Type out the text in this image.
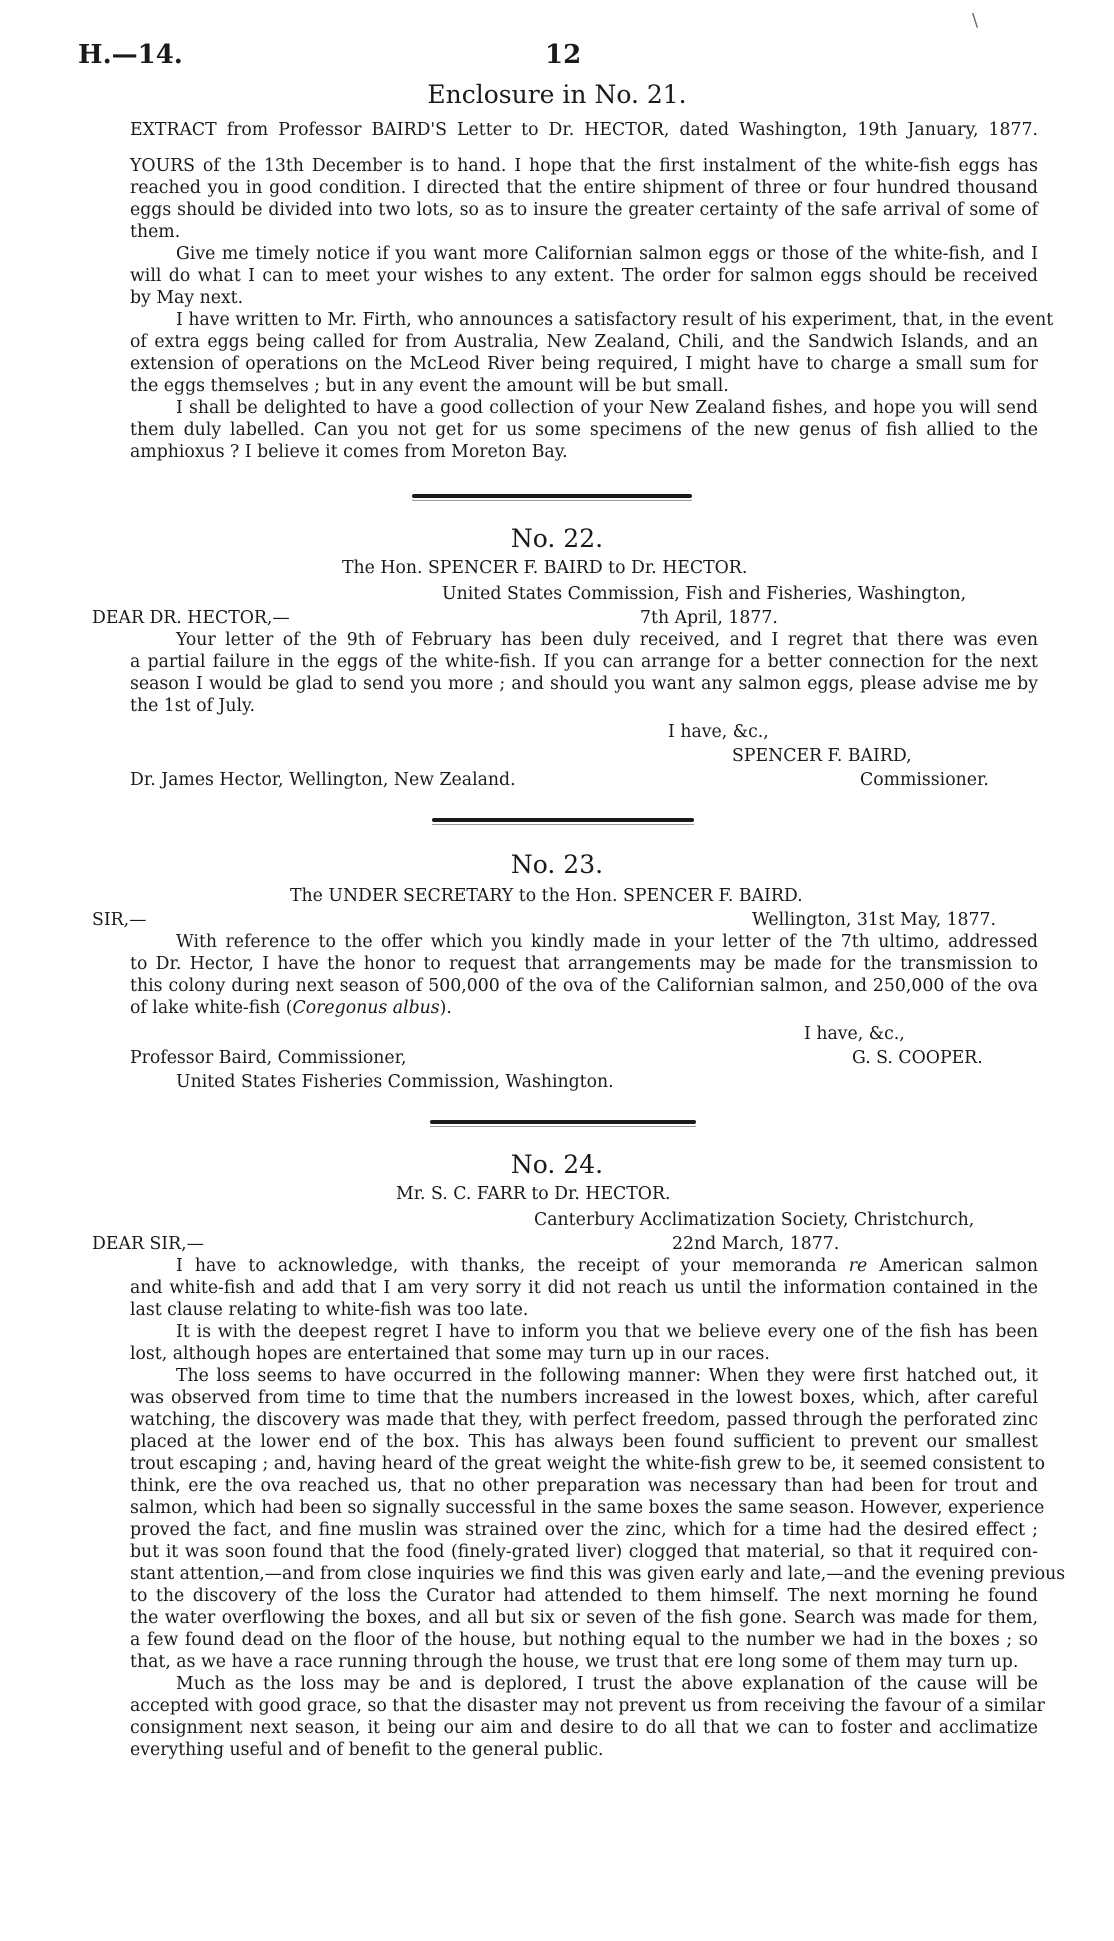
H.—14.	12
\
Enclosure in No. 21.
EXTRACT from Professor BAIRD'S Letter to Dr. HECTOR, dated Washington, 19th January, 1877.
YOURS of the 13th December is to hand. I hope that the first instalment of the white-fish eggs has
reached you in good condition. I directed that the entire shipment of three or four hundred thousand
eggs should be divided into two lots, so as to insure the greater certainty of the safe arrival of some of
them.
Give me timely notice if you want more Californian salmon eggs or those of the white-fish, and I
will do what I can to meet your wishes to any extent. The order for salmon eggs should be received
by May next.
I have written to Mr. Firth, who announces a satisfactory result of his experiment, that, in the event
of extra eggs being called for from Australia, New Zealand, Chili, and the Sandwich Islands, and an
extension of operations on the McLeod River being required, I might have to charge a small sum for
the eggs themselves ; but in any event the amount will be but small.
I shall be delighted to have a good collection of your New Zealand fishes, and hope you will send
them duly labelled. Can you not get for us some specimens of the new genus of fish allied to the
amphioxus ? I believe it comes from Moreton Bay.
No. 22.
The Hon. SPENCER F. BAIRD to Dr. HECTOR.
United States Commission, Fish and Fisheries, Washington,
DEAR DR. HECTOR,—	7th April, 1877.
Your letter of the 9th of February has been duly received, and I regret that there was even
a partial failure in the eggs of the white-fish. If you can arrange for a better connection for the next
season I would be glad to send you more ; and should you want any salmon eggs, please advise me by
the 1st of July.
I have, &c.,
SPENCER F. BAIRD,
Dr. James Hector, Wellington, New Zealand.	Commissioner.
No. 23.
The UNDER SECRETARY to the Hon. SPENCER F. BAIRD.
SIR,—	Wellington, 31st May, 1877.
With reference to the offer which you kindly made in your letter of the 7th ultimo, addressed
to Dr. Hector, I have the honor to request that arrangements may be made for the transmission to
this colony during next season of 500,000 of the ova of the Californian salmon, and 250,000 of the ova
of lake white-fish (Coregonus albus).
I have, &c.,
G. S. COOPER.
Professor Baird, Commissioner,
United States Fisheries Commission, Washington.
No. 24.
Mr. S. C. FARR to Dr. HECTOR.
Canterbury Acclimatization Society, Christchurch,
DEAR SIR,—	22nd March, 1877.
I have to acknowledge, with thanks, the receipt of your memoranda re American salmon
and white-fish and add that I am very sorry it did not reach us until the information contained in the
last clause relating to white-fish was too late.
It is with the deepest regret I have to inform you that we believe every one of the fish has been
lost, although hopes are entertained that some may turn up in our races.
The loss seems to have occurred in the following manner: When they were first hatched out, it
was observed from time to time that the numbers increased in the lowest boxes, which, after careful
watching, the discovery was made that they, with perfect freedom, passed through the perforated zinc
placed at the lower end of the box. This has always been found sufficient to prevent our smallest
trout escaping ; and, having heard of the great weight the white-fish grew to be, it seemed consistent to
think, ere the ova reached us, that no other preparation was necessary than had been for trout and
salmon, which had been so signally successful in the same boxes the same season. However, experience
proved the fact, and fine muslin was strained over the zinc, which for a time had the desired effect ;
but it was soon found that the food (finely-grated liver) clogged that material, so that it required con-
stant attention,—and from close inquiries we find this was given early and late,—and the evening previous
to the discovery of the loss the Curator had attended to them himself. The next morning he found
the water overflowing the boxes, and all but six or seven of the fish gone. Search was made for them,
a few found dead on the floor of the house, but nothing equal to the number we had in the boxes ; so
that, as we have a race running through the house, we trust that ere long some of them may turn up.
Much as the loss may be and is deplored, I trust the above explanation of the cause will be
accepted with good grace, so that the disaster may not prevent us from receiving the favour of a similar
consignment next season, it being our aim and desire to do all that we can to foster and acclimatize
everything useful and of benefit to the general public.
